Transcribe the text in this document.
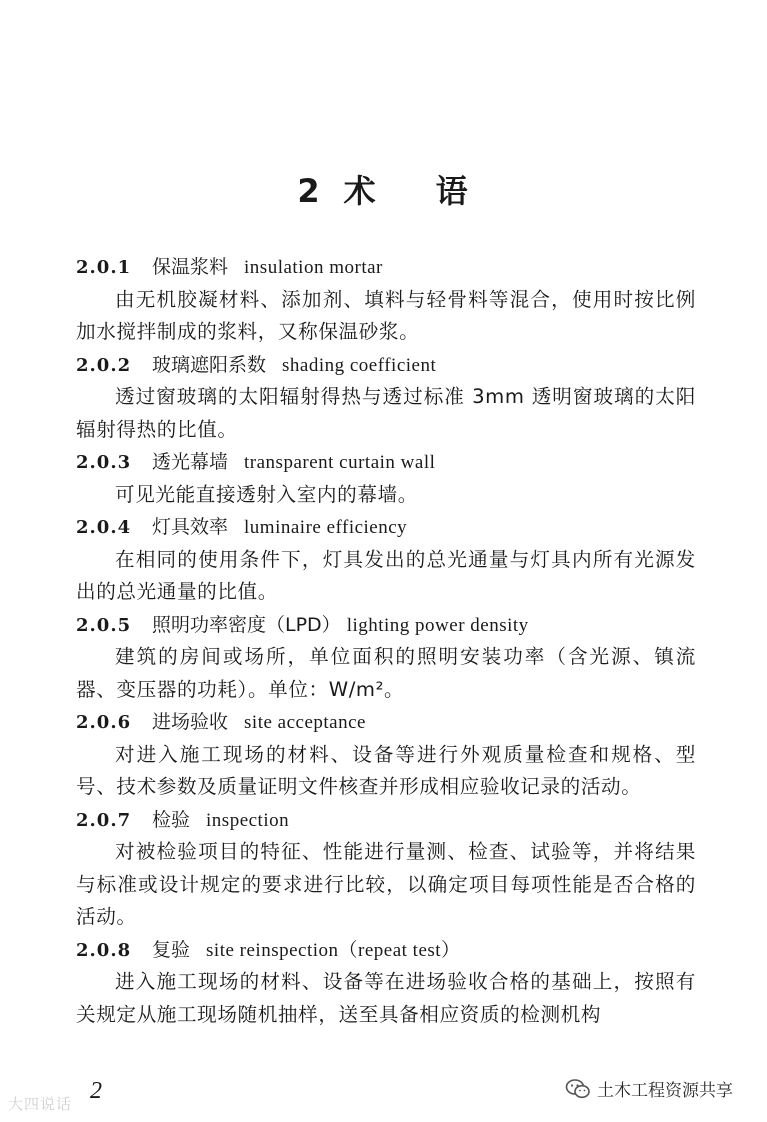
2 术 语
2.0.1 保温浆料 insulation mortar

由无机胶凝材料、添加剂、填料与轻骨料等混合，使用时按比例加水搅拌制成的浆料，又称保温砂浆。

2.0.2 玻璃遮阳系数 shading coefficient

透过窗玻璃的太阳辐射得热与透过标准 3mm 透明窗玻璃的太阳辐射得热的比值。

2.0.3 透光幕墙 transparent curtain wall

可见光能直接透射入室内的幕墙。

2.0.4 灯具效率 luminaire efficiency

在相同的使用条件下，灯具发出的总光通量与灯具内所有光源发出的总光通量的比值。

2.0.5 照明功率密度（LPD） lighting power density

建筑的房间或场所，单位面积的照明安装功率（含光源、镇流器、变压器的功耗）。单位：W/m²。

2.0.6 进场验收 site acceptance

对进入施工现场的材料、设备等进行外观质量检查和规格、型号、技术参数及质量证明文件核查并形成相应验收记录的活动。

2.0.7 检验 inspection

对被检验项目的特征、性能进行量测、检查、试验等，并将结果与标准或设计规定的要求进行比较，以确定项目每项性能是否合格的活动。

2.0.8 复验 site reinspection（repeat test）

进入施工现场的材料、设备等在进场验收合格的基础上，按照有关规定从施工现场随机抽样，送至具备相应资质的检测机构

2
大四说话
土木工程资源共享
